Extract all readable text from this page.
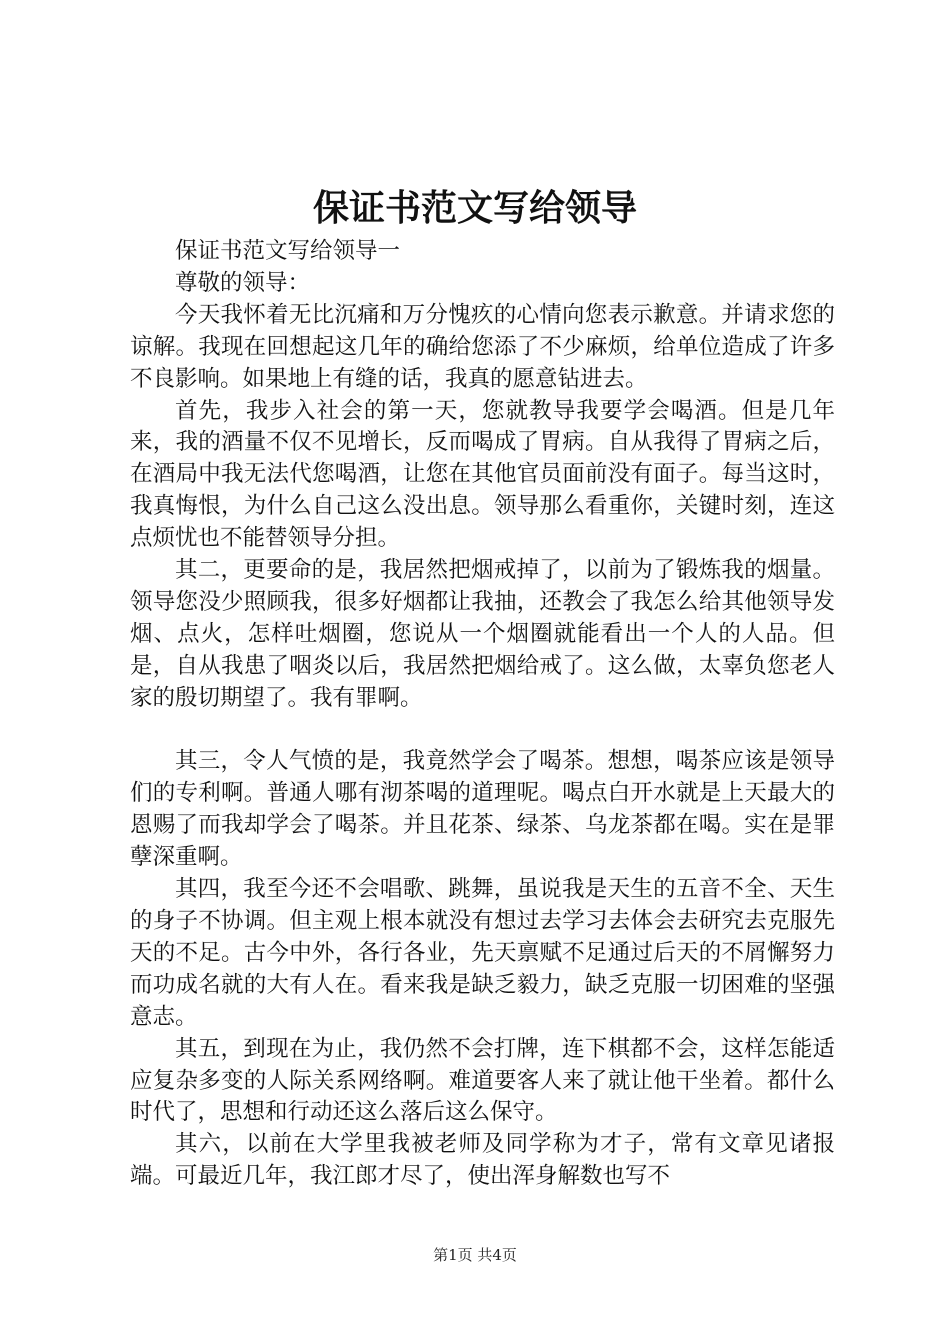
保证书范文写给领导

保证书范文写给领导一

尊敬的领导：

今天我怀着无比沉痛和万分愧疚的心情向您表示歉意。并请求您的谅解。我现在回想起这几年的确给您添了不少麻烦，给单位造成了许多不良影响。如果地上有缝的话，我真的愿意钻进去。

首先，我步入社会的第一天，您就教导我要学会喝酒。但是几年来，我的酒量不仅不见增长，反而喝成了胃病。自从我得了胃病之后，在酒局中我无法代您喝酒，让您在其他官员面前没有面子。每当这时，我真悔恨，为什么自己这么没出息。领导那么看重你，关键时刻，连这点烦忧也不能替领导分担。

其二，更要命的是，我居然把烟戒掉了，以前为了锻炼我的烟量。领导您没少照顾我，很多好烟都让我抽，还教会了我怎么给其他领导发烟、点火，怎样吐烟圈，您说从一个烟圈就能看出一个人的人品。但是，自从我患了咽炎以后，我居然把烟给戒了。这么做，太辜负您老人家的殷切期望了。我有罪啊。

其三，令人气愤的是，我竟然学会了喝茶。想想，喝茶应该是领导们的专利啊。普通人哪有沏茶喝的道理呢。喝点白开水就是上天最大的恩赐了而我却学会了喝茶。并且花茶、绿茶、乌龙茶都在喝。实在是罪孽深重啊。

其四，我至今还不会唱歌、跳舞，虽说我是天生的五音不全、天生的身子不协调。但主观上根本就没有想过去学习去体会去研究去克服先天的不足。古今中外，各行各业，先天禀赋不足通过后天的不屑懈努力而功成名就的大有人在。看来我是缺乏毅力，缺乏克服一切困难的坚强意志。

其五，到现在为止，我仍然不会打牌，连下棋都不会，这样怎能适应复杂多变的人际关系网络啊。难道要客人来了就让他干坐着。都什么时代了，思想和行动还这么落后这么保守。

其六，以前在大学里我被老师及同学称为才子，常有文章见诸报端。可最近几年，我江郎才尽了，使出浑身解数也写不

第1页 共4页
